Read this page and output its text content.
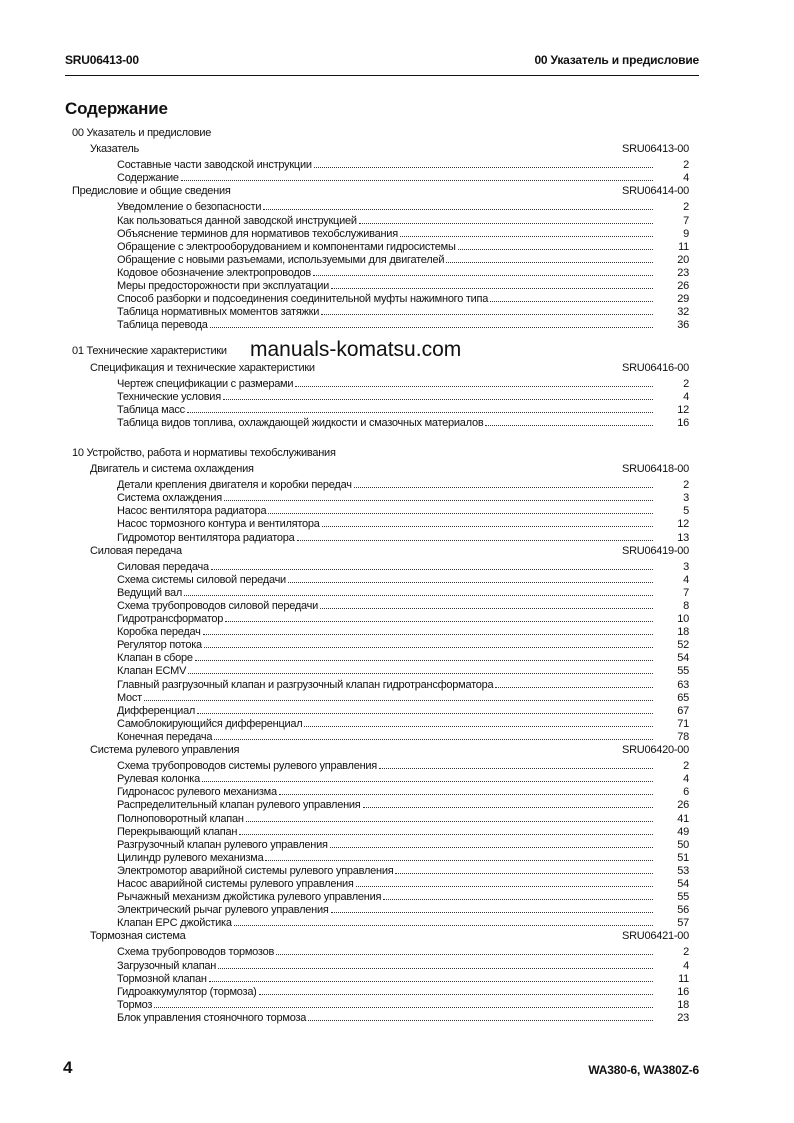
SRU06413-00	00 Указатель и предисловие
Содержание
00 Указатель и предисловие
Указатель	SRU06413-00
Составные части заводской инструкции	2
Содержание	4
Предисловие и общие сведения	SRU06414-00
Уведомление о безопасности	2
Как пользоваться данной заводской инструкцией	7
Объяснение терминов для нормативов техобслуживания	9
Обращение с электрооборудованием и компонентами гидросистемы	11
Обращение с новыми разъемами, используемыми для двигателей	20
Кодовое обозначение электропроводов	23
Меры предосторожности при эксплуатации	26
Способ разборки и подсоединения соединительной муфты нажимного типа	29
Таблица нормативных моментов затяжки	32
Таблица перевода	36
01 Технические характеристики
Спецификация и технические характеристики	SRU06416-00
Чертеж спецификации с размерами	2
Технические условия	4
Таблица масс	12
Таблица видов топлива, охлаждающей жидкости и смазочных материалов	16
10 Устройство, работа и нормативы техобслуживания
Двигатель и система охлаждения	SRU06418-00
Детали крепления двигателя и коробки передач	2
Система охлаждения	3
Насос вентилятора радиатора	5
Насос тормозного контура и вентилятора	12
Гидромотор вентилятора радиатора	13
Силовая передача	SRU06419-00
Силовая передача	3
Схема системы силовой передачи	4
Ведущий вал	7
Схема трубопроводов силовой передачи	8
Гидротрансформатор	10
Коробка передач	18
Регулятор потока	52
Клапан в сборе	54
Клапан ECMV	55
Главный разгрузочный клапан и разгрузочный клапан гидротрансформатора	63
Мост	65
Дифференциал	67
Самоблокирующийся дифференциал	71
Конечная передача	78
Система рулевого управления	SRU06420-00
Схема трубопроводов системы рулевого управления	2
Рулевая колонка	4
Гидронасос рулевого механизма	6
Распределительный клапан рулевого управления	26
Полноповоротный клапан	41
Перекрывающий клапан	49
Разгрузочный клапан рулевого управления	50
Цилиндр рулевого механизма	51
Электромотор аварийной системы рулевого управления	53
Насос аварийной системы рулевого управления	54
Рычажный механизм джойстика рулевого управления	55
Электрический рычаг рулевого управления	56
Клапан EPC джойстика	57
Тормозная система	SRU06421-00
Схема трубопроводов тормозов	2
Загрузочный клапан	4
Тормозной клапан	11
Гидроаккумулятор (тормоза)	16
Тормоз	18
Блок управления стояночного тормоза	23
manuals-komatsu.com
4	WA380-6, WA380Z-6
